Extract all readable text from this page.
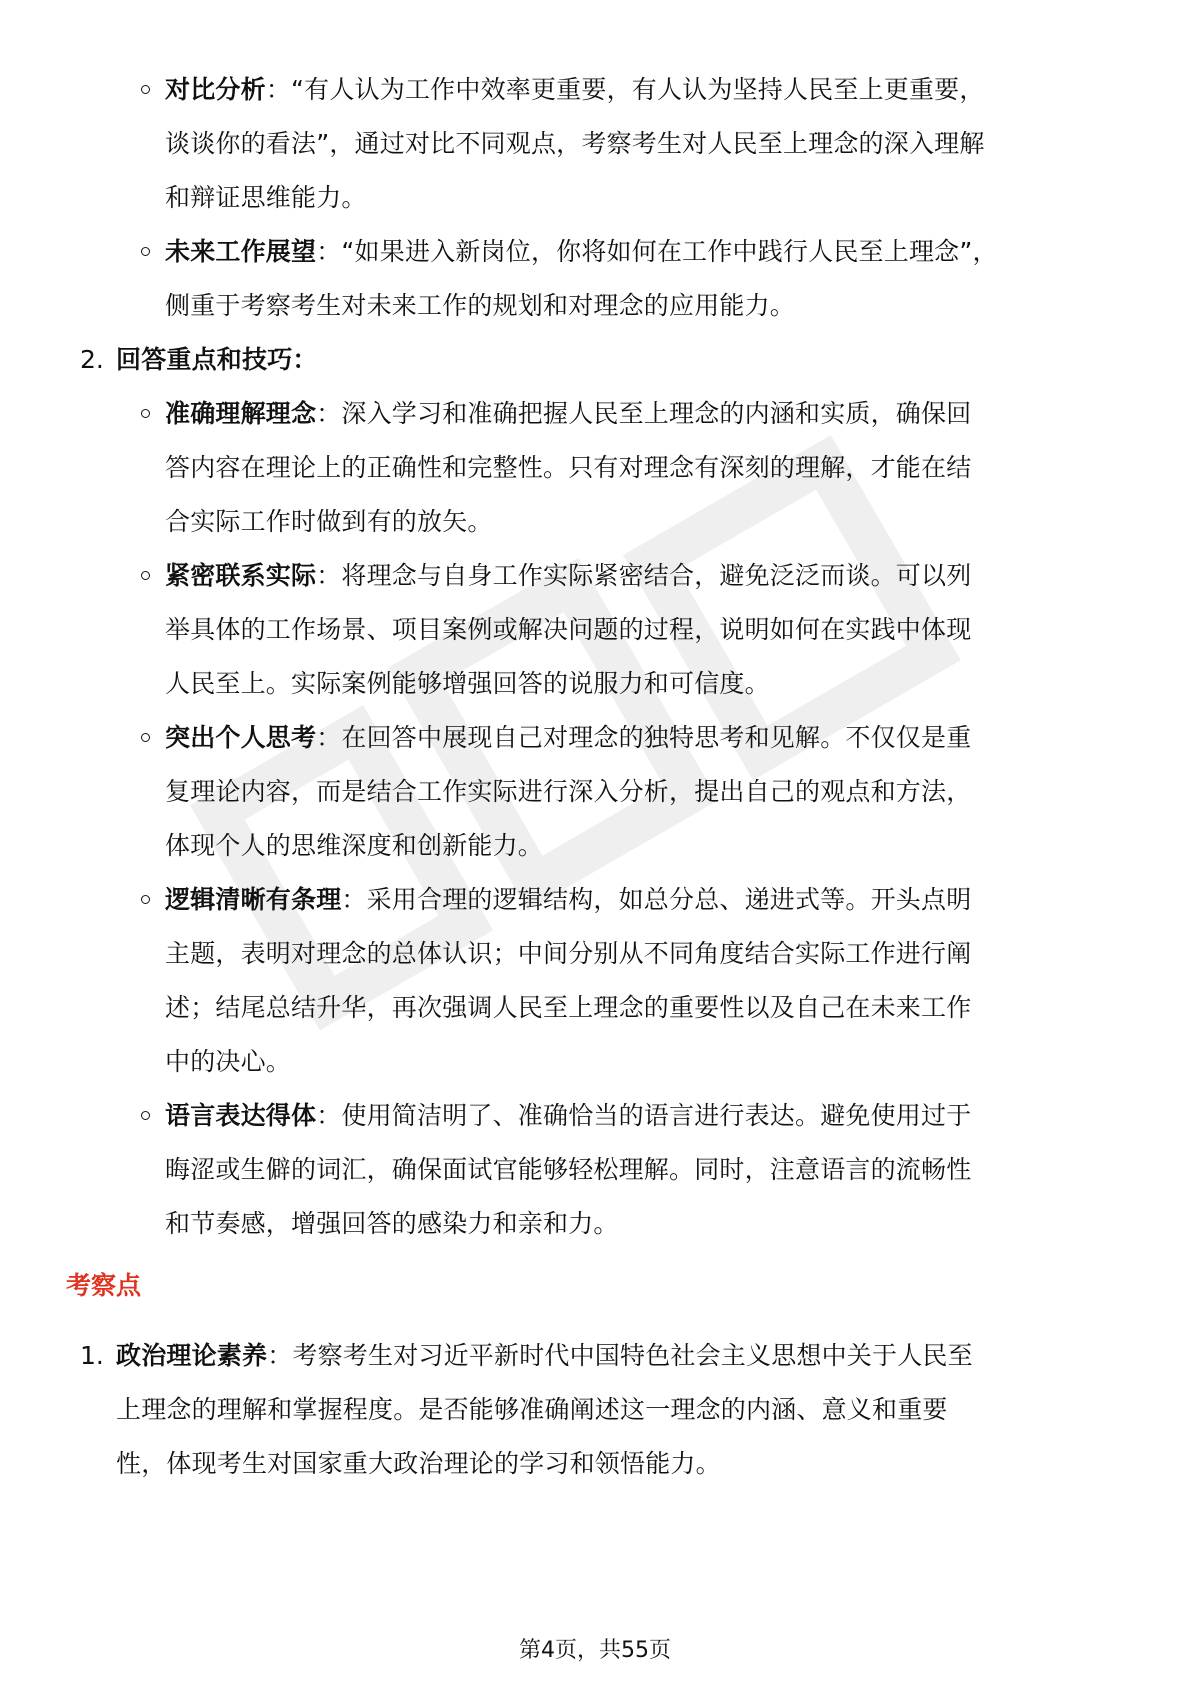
对比分析：“有人认为工作中效率更重要，有人认为坚持人民至上更重要，
谈谈你的看法”，通过对比不同观点，考察考生对人民至上理念的深入理解
和辩证思维能力。
未来工作展望：“如果进入新岗位，你将如何在工作中践行人民至上理念”，
侧重于考察考生对未来工作的规划和对理念的应用能力。
2. 回答重点和技巧：
准确理解理念：深入学习和准确把握人民至上理念的内涵和实质，确保回
答内容在理论上的正确性和完整性。只有对理念有深刻的理解，才能在结
合实际工作时做到有的放矢。
紧密联系实际：将理念与自身工作实际紧密结合，避免泛泛而谈。可以列
举具体的工作场景、项目案例或解决问题的过程，说明如何在实践中体现
人民至上。实际案例能够增强回答的说服力和可信度。
突出个人思考：在回答中展现自己对理念的独特思考和见解。不仅仅是重
复理论内容，而是结合工作实际进行深入分析，提出自己的观点和方法，
体现个人的思维深度和创新能力。
逻辑清晰有条理：采用合理的逻辑结构，如总分总、递进式等。开头点明
主题，表明对理念的总体认识；中间分别从不同角度结合实际工作进行阐
述；结尾总结升华，再次强调人民至上理念的重要性以及自己在未来工作
中的决心。
语言表达得体：使用简洁明了、准确恰当的语言进行表达。避免使用过于
晦涩或生僻的词汇，确保面试官能够轻松理解。同时，注意语言的流畅性
和节奏感，增强回答的感染力和亲和力。
考察点
1. 政治理论素养：考察考生对习近平新时代中国特色社会主义思想中关于人民至
上理念的理解和掌握程度。是否能够准确阐述这一理念的内涵、意义和重要
性，体现考生对国家重大政治理论的学习和领悟能力。
第4页，共55页
